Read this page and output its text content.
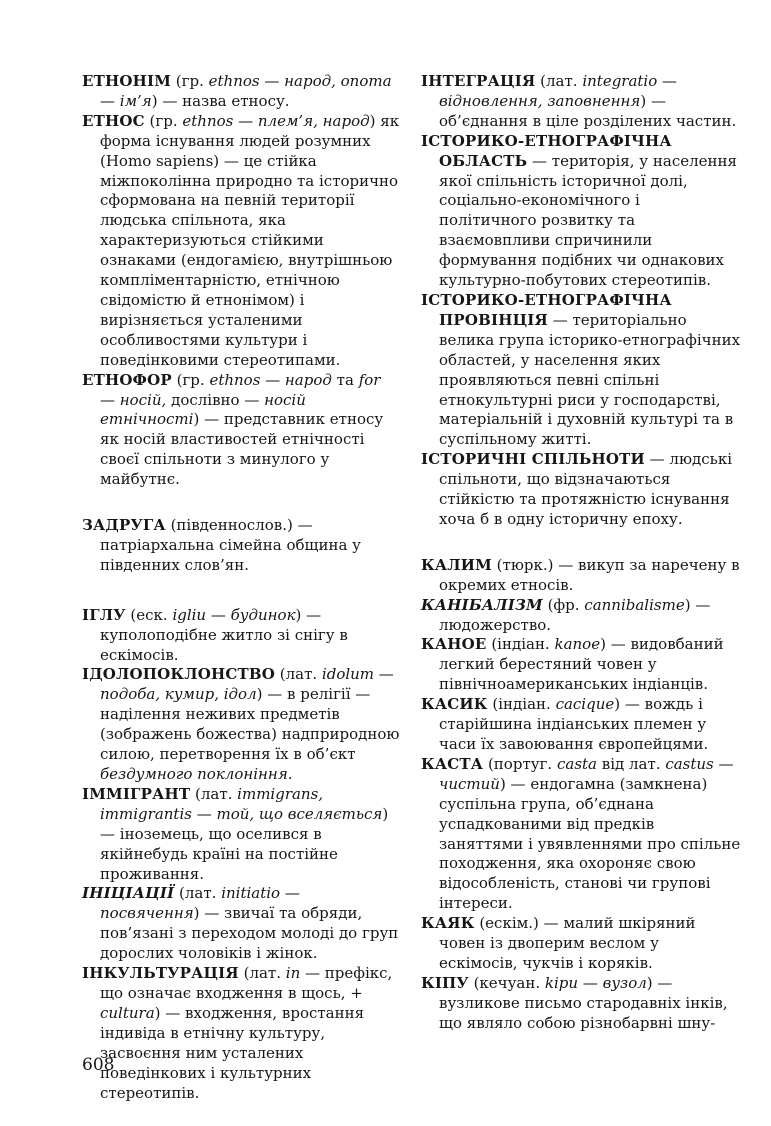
ЕТНОНІМ (гр. ethnos — народ, опота — ім’я) — назва етносу.

ЕТНОС (гр. ethnos — плем’я, народ) як форма існування людей розумних (Homo sapiens) — це стійка міжпоколінна природно та історично сформована на певній території людська спільнота, яка характеризуються стійкими ознаками (ендогамією, внутрішньою компліментарністю, етнічною свідомістю й етнонімом) і вирізняється усталеними особливостями культури і поведінковими стереотипами.

ЕТНОФОР (гр. ethnos — народ та for — носій, дослівно — носій етнічності) — представник етносу як носій властивостей етнічності своєї спільноти з минулого у майбутнє.

ЗАДРУГА (південнослов.) — патріархальна сімейна община у південних слов’ян.

ІГЛУ (еск. igliu — будинок) — куполоподібне житло зі снігу в ескімосів.

ІДОЛОПОКЛОНСТВО (лат. idolum — подоба, кумир, ідол) — в релігії — наділення неживих предметів (зображень божества) надприродною силою, перетворення їх в об’єкт бездумного поклоніння.

ІММІГРАНТ (лат. immigrans, immigrantis — той, що вселяється) — іноземець, що оселився в якійнебудь країні на постійне проживання.

ІНІЦІАЦІЇ (лат. initiatio — посвячення) — звичаї та обряди, пов’язані з переходом молоді до груп дорослих чоловіків і жінок.

ІНКУЛЬТУРАЦІЯ (лат. in — префікс, що означає входження в щось, + cultura) — входження, вростання індивіда в етнічну культуру, засвоєння ним усталених поведінкових і культурних стереотипів.

ІНТЕГРАЦІЯ (лат. integratio — відновлення, заповнення) — об’єднання в ціле розділених частин.

ІСТОРИКО-ЕТНОГРАФІЧНА ОБЛАСТЬ — територія, у населення якої спільність історичної долі, соціально-економічного і політичного розвитку та взаємовпливи спричинили формування подібних чи однакових культурно-побутових стереотипів.

ІСТОРИКО-ЕТНОГРАФІЧНА ПРОВІНЦІЯ — територіально велика група історико-етнографічних областей, у населення яких проявляються певні спільні етнокультурні риси у господарстві, матеріальній і духовній культурі та в суспільному житті.

ІСТОРИЧНІ СПІЛЬНОТИ — людські спільноти, що відзначаються стійкістю та протяжністю існування хоча б в одну історичну епоху.

КАЛИМ (тюрк.) — викуп за наречену в окремих етносів.

КАНІБАЛІЗМ (фр. cannibalisme) — людожерство.

КАНОЕ (індіан. kanoe) — видовбаний легкий берестяний човен у північноамериканських індіанців.

КАСИК (індіан. cacique) — вождь і старійшина індіанських племен у часи їх завоювання європейцями.

КАСТА (португ. casta від лат. castus — чистий) — ендогамна (замкнена) суспільна група, об’єднана успадкованими від предків заняттями і увявленнями про спільне походження, яка охороняє свою відособленість, станові чи групові інтереси.

КАЯК (ескім.) — малий шкіряний човен із двоперим веслом у ескімосів, чукчів і коряків.

КІПУ (кечуан. kipu — вузол) — вузликове письмо стародавніх інків, що являло собою різнобарвні шну-

608
